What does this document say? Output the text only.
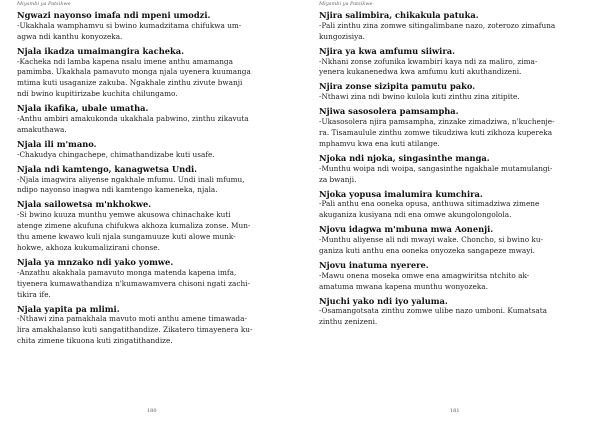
Miyambi ya Patsikwe

Ngwazi nayonso imafa ndi mpeni umodzi.

-Ukakhala wamphamvu si bwino kumadzitama chifukwa um-
agwa ndi kanthu konyozeka.

Njala ikadza umaimangira kacheka.

-Kacheka ndi lamba kapena nsalu imene anthu amamanga
pamimba. Ukakhala pamavuto monga njala uyenera kuumanga
mtima kuti usaganize zakuba. Ngakhale zinthu zivute bwanji
ndi bwino kupitirizabe kuchita chilungamo.

Njala ikafika, ubale umatha.

-Anthu ambiri amakukonda ukakhala pabwino, zinthu zikavuta
amakuthawa.

Njala ili m'mano.

-Chakudya chingachepe, chimathandizabe kuti usafe.

Njala ndi kamtengo, kanagwetsa Undi.

-Njala imagwira aliyense ngakhale mfumu. Undi inali mfumu,
ndipo nayonso inagwa ndi kamtengo kameneka, njala.

Njala sailowetsa m'nkhokwe.

-Si bwino kuuza munthu yemwe akusowa chinachake kuti
atenge zimene akufuna chifukwa akhoza kumaliza zonse. Mun-
thu amene kwawo kuli njala sungamuuze kuti alowe munk-
hokwe, akhoza kukumalizirani chonse.

Njala ya mnzako ndi yako yomwe.

-Anzathu akakhala pamavuto monga matenda kapena imfa,
tiyenera kumawathandiza n'kumawamvera chisoni ngati zachi-
tikira ife.

Njala yapita pa mlimi.

-Nthawi zina pamakhala mavuto moti anthu amene timawada-
lira amakhalanso kuti sangatithandize. Zikatero timayenera ku-
chita zimene tikuona kuti zingatithandize.

180
Miyambi ya Patsikwe

Njira salimbira, chikakula patuka.

-Pali zinthu zina zomwe sitingalimbane nazo, zoterozo zimafuna
kungozisiya.

Njira ya kwa amfumu siiwira.

-Nkhani zonse zofunika kwambiri kaya ndi za maliro, zima-
yenera kukanenedwa kwa amfumu kuti akuthandizeni.

Njira zonse sizipita pamutu pako.

-Nthawi zina ndi bwino kulola kuti zinthu zina zitipite.

Njiwa sasosolera pamsampha.

-Ukasosolera njira pamsampha, zinzake zimadziwa, n'kuchenje-
ra. Tisamaulule zinthu zomwe tikudziwa kuti zikhoza kupereka
mphamvu kwa ena kuti atilange.

Njoka ndi njoka, singasinthe manga.

-Munthu woipa ndi woipa, sangasinthe ngakhale mutamulangi-
za bwanji.

Njoka yopusa imalumira kumchira.

-Pali anthu ena ooneka opusa, anthuwa sitimadziwa zimene
akuganiza kusiyana ndi ena omwe akungolongolola.

Njovu idagwa m'mbuna mwa Aonenji.

-Munthu aliyense ali ndi mwayi wake. Choncho, si bwino ku-
ganiza kuti anthu ena ooneka onyozeka sangapeze mwayi.

Njovu inatuma nyerere.

-Mawu onena moseka omwe ena amagwiritsa ntchito ak-
amatuma mwana kapena munthu wonyozeka.

Njuchi yako ndi iyo yaluma.

-Osamangotsata zinthu zomwe ulibe nazo umboni. Kumatsata
zinthu zenizeni.

181
